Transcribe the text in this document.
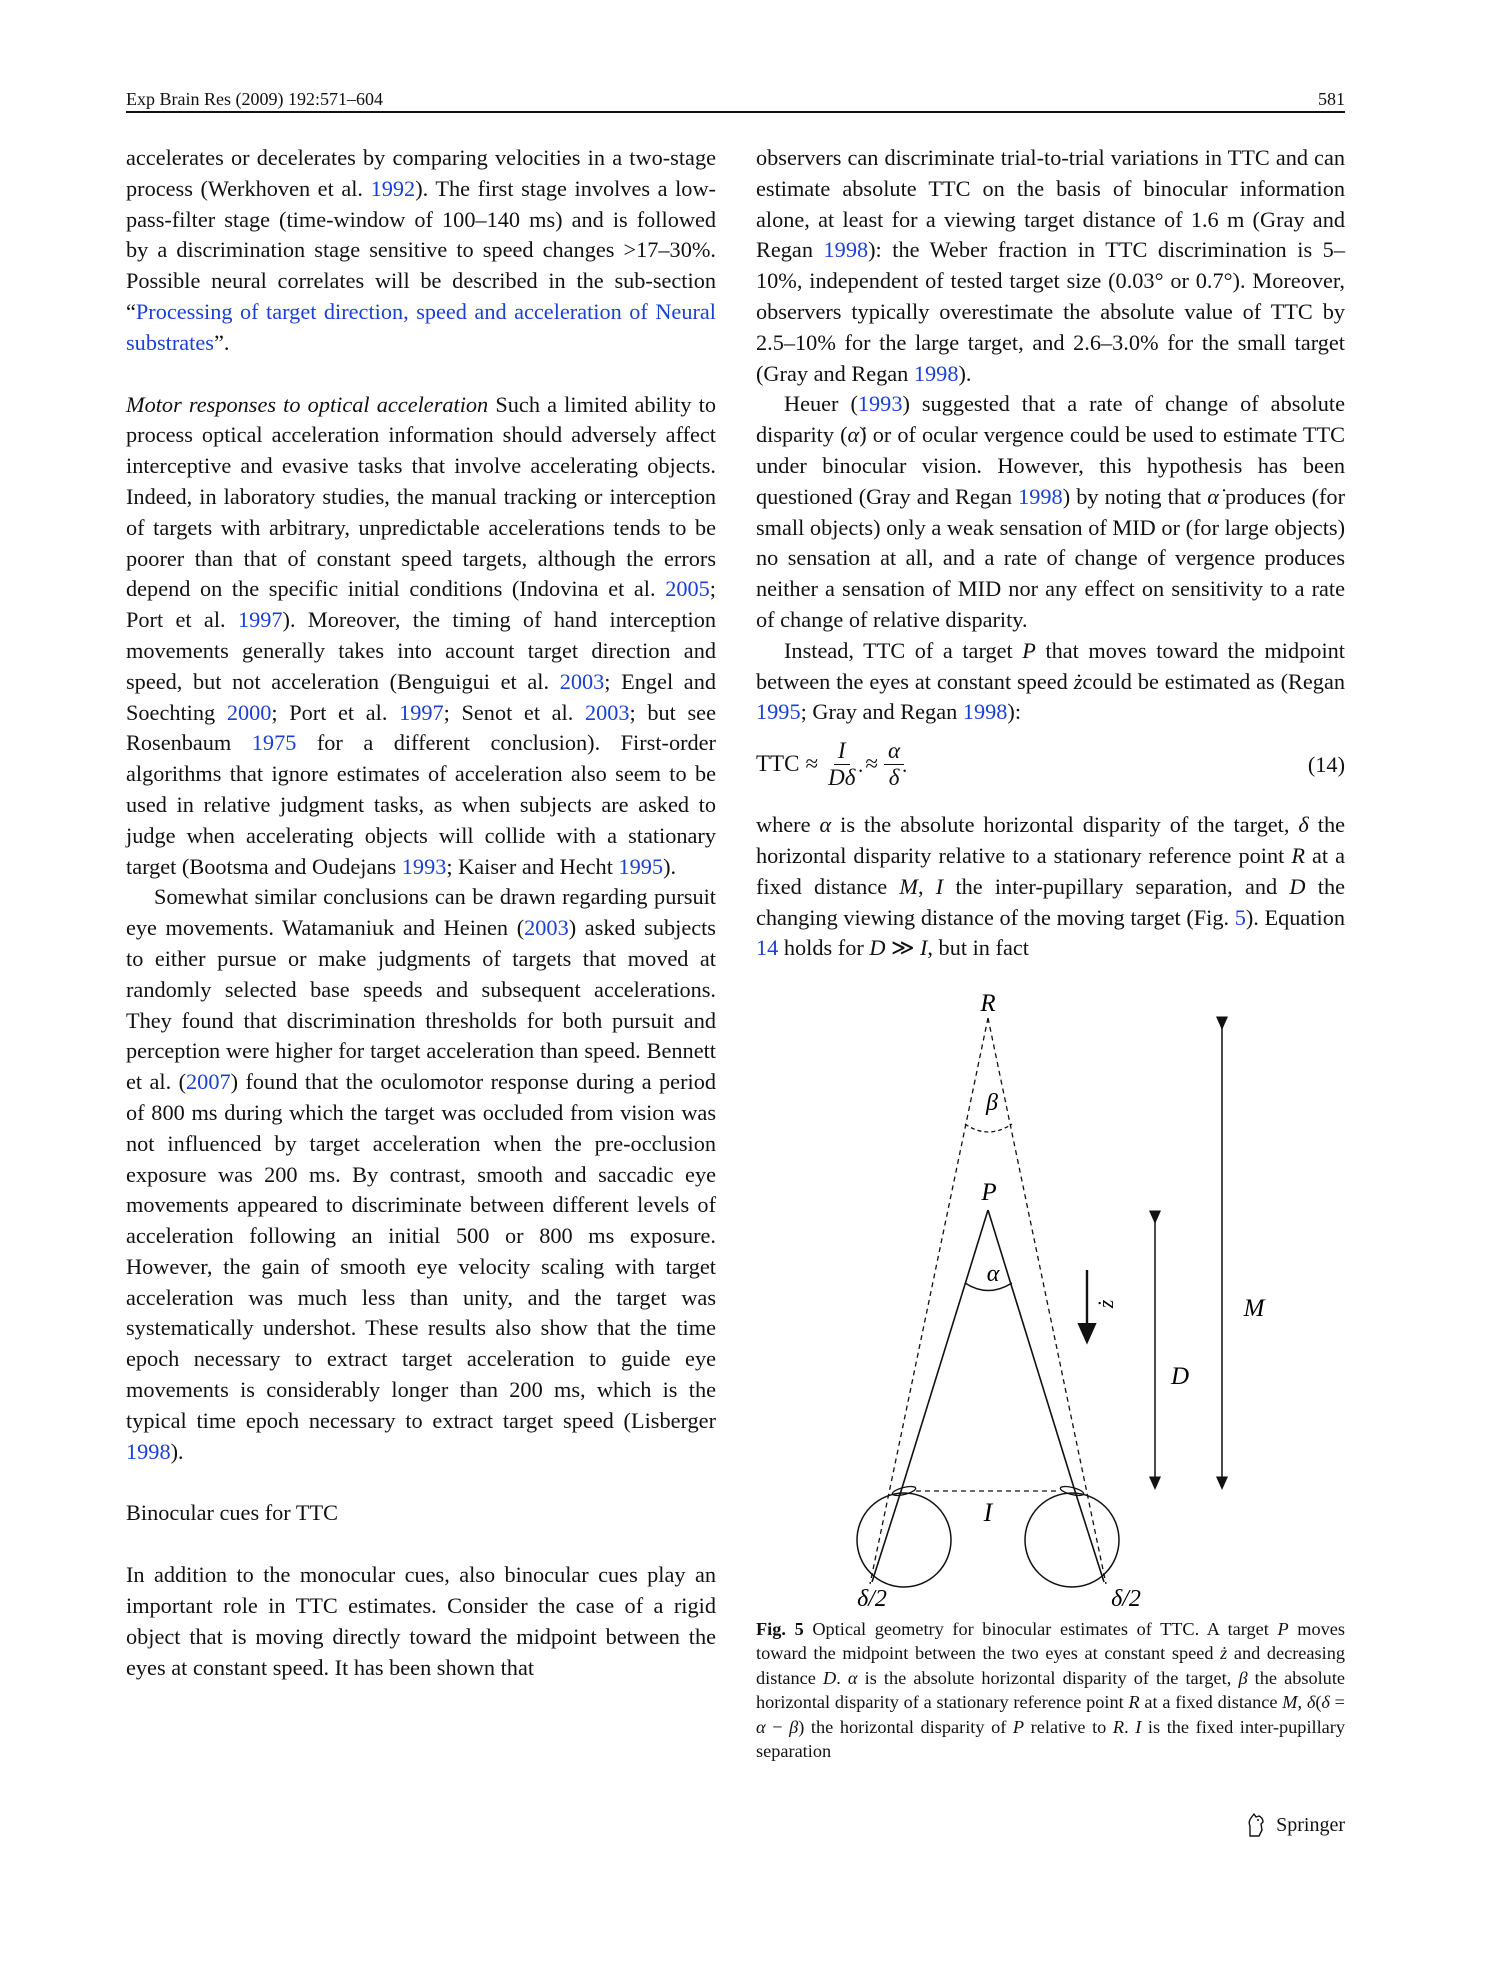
Exp Brain Res (2009) 192:571–604	581

accelerates or decelerates by comparing velocities in a two-stage process (Werkhoven et al. 1992). The first stage involves a low-pass-filter stage (time-window of 100–140 ms) and is followed by a discrimination stage sensitive to speed changes >17–30%. Possible neural correlates will be described in the sub-section “Processing of target direction, speed and acceleration of Neural substrates”.

Motor responses to optical acceleration Such a limited ability to process optical acceleration information should adversely affect interceptive and evasive tasks that involve accelerating objects. Indeed, in laboratory studies, the manual tracking or interception of targets with arbitrary, unpredictable accelerations tends to be poorer than that of constant speed targets, although the errors depend on the specific initial conditions (Indovina et al. 2005; Port et al. 1997). Moreover, the timing of hand interception movements generally takes into account target direction and speed, but not acceleration (Benguigui et al. 2003; Engel and Soechting 2000; Port et al. 1997; Senot et al. 2003; but see Rosenbaum 1975 for a different conclusion). First-order algorithms that ignore estimates of acceleration also seem to be used in relative judgment tasks, as when subjects are asked to judge when accelerating objects will collide with a stationary target (Bootsma and Oudejans 1993; Kaiser and Hecht 1995).

Somewhat similar conclusions can be drawn regarding pursuit eye movements. Watamaniuk and Heinen (2003) asked subjects to either pursue or make judgments of targets that moved at randomly selected base speeds and subsequent accelerations. They found that discrimination thresholds for both pursuit and perception were higher for target acceleration than speed. Bennett et al. (2007) found that the oculomotor response during a period of 800 ms during which the target was occluded from vision was not influenced by target acceleration when the pre-occlusion exposure was 200 ms. By contrast, smooth and saccadic eye movements appeared to discriminate between different levels of acceleration following an initial 500 or 800 ms exposure. However, the gain of smooth eye velocity scaling with target acceleration was much less than unity, and the target was systematically undershot. These results also show that the time epoch necessary to extract target acceleration to guide eye movements is considerably longer than 200 ms, which is the typical time epoch necessary to extract target speed (Lisberger 1998).

Binocular cues for TTC

In addition to the monocular cues, also binocular cues play an important role in TTC estimates. Consider the case of a rigid object that is moving directly toward the midpoint between the eyes at constant speed. It has been shown that

observers can discriminate trial-to-trial variations in TTC and can estimate absolute TTC on the basis of binocular information alone, at least for a viewing target distance of 1.6 m (Gray and Regan 1998): the Weber fraction in TTC discrimination is 5–10%, independent of tested target size (0.03° or 0.7°). Moreover, observers typically overestimate the absolute value of TTC by 2.5–10% for the large target, and 2.6–3.0% for the small target (Gray and Regan 1998).

Heuer (1993) suggested that a rate of change of absolute disparity (α̇) or of ocular vergence could be used to estimate TTC under binocular vision. However, this hypothesis has been questioned (Gray and Regan 1998) by noting that α̇ produces (for small objects) only a weak sensation of MID or (for large objects) no sensation at all, and a rate of change of vergence produces neither a sensation of MID nor any effect on sensitivity to a rate of change of relative disparity.

Instead, TTC of a target P that moves toward the midpoint between the eyes at constant speed żcould be estimated as (Regan 1995; Gray and Regan 1998):

TTC ≈ $\frac{I}{D\deltȧ} \approx \frac{\alpha}{\deltȧ}$	(14)

where α is the absolute horizontal disparity of the target, δ the horizontal disparity relative to a stationary reference point R at a fixed distance M, I the inter-pupillary separation, and D the changing viewing distance of the moving target (Fig. 5). Equation 14 holds for D ≫ I, but in fact

R
β
P
α
ż	M
D
I
δ/2	δ/2
Fig. 5 Optical geometry for binocular estimates of TTC. A target P moves toward the midpoint between the two eyes at constant speed ż and decreasing distance D. α is the absolute horizontal disparity of the target, β the absolute horizontal disparity of a stationary reference point R at a fixed distance M, δ(δ = α − β) the horizontal disparity of P relative to R. I is the fixed inter-pupillary separation
Springer
